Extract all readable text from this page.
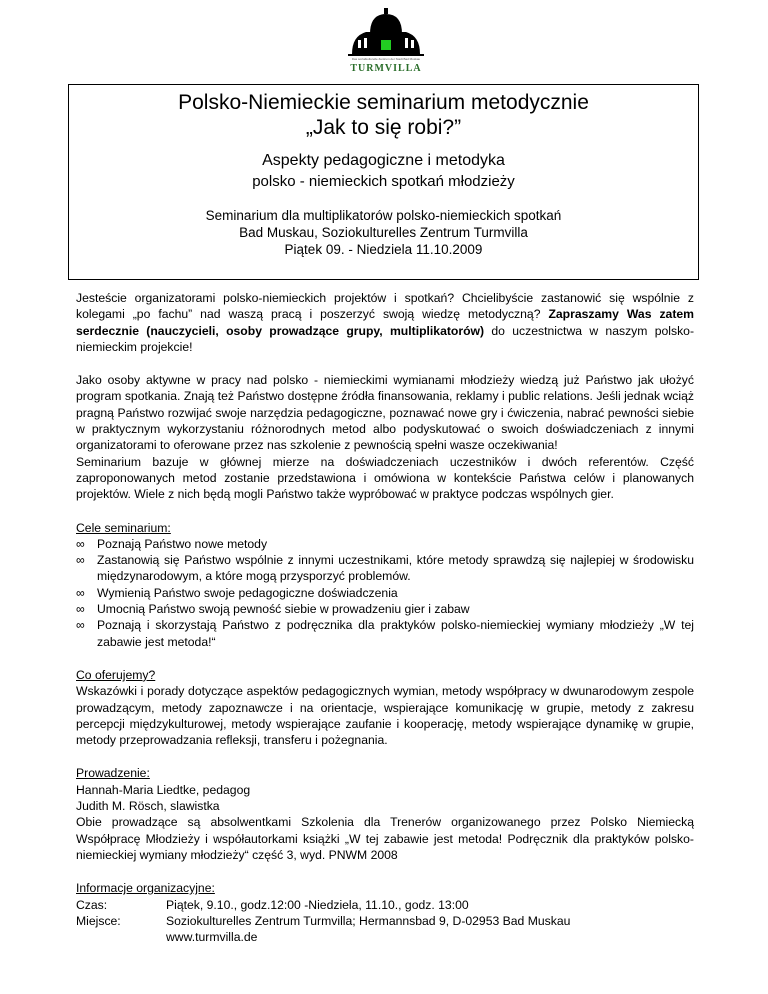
Das sozialkulturelle Zentrum der Stadt Bad Muskau
TURMVILLA
Polsko-Niemieckie seminarium metodycznie
„Jak to się robi?”
Aspekty pedagogiczne i metodyka
polsko - niemieckich spotkań młodzieży
Seminarium dla multiplikatorów polsko-niemieckich spotkań
Bad Muskau, Soziokulturelles Zentrum Turmvilla
Piątek 09. - Niedziela 11.10.2009

Jesteście organizatorami polsko-niemieckich projektów i spotkań? Chcielibyście zastanowić się wspólnie z kolegami „po fachu” nad waszą pracą i poszerzyć swoją wiedzę metodyczną? Zapraszamy Was zatem serdecznie (nauczycieli, osoby prowadzące grupy, multiplikatorów) do uczestnictwa w naszym polsko-niemieckim projekcie!

Jako osoby aktywne w pracy nad polsko - niemieckimi wymianami młodzieży wiedzą już Państwo jak ułożyć program spotkania. Znają też Państwo dostępne źródła finansowania, reklamy i public relations. Jeśli jednak wciąż pragną Państwo rozwijać swoje narzędzia pedagogiczne, poznawać nowe gry i ćwiczenia, nabrać pewności siebie w praktycznym wykorzystaniu różnorodnych metod albo podyskutować o swoich doświadczeniach z innymi organizatorami to oferowane przez nas szkolenie z pewnością spełni wasze oczekiwania!

Seminarium bazuje w głównej mierze na doświadczeniach uczestników i dwóch referentów. Część zaproponowanych metod zostanie przedstawiona i omówiona w kontekście Państwa celów i planowanych projektów. Wiele z nich będą mogli Państwo także wypróbować w praktyce podczas wspólnych gier.

Cele seminarium:
∞ Poznają Państwo nowe metody
∞ Zastanowią się Państwo wspólnie z innymi uczestnikami, które metody sprawdzą się najlepiej w środowisku międzynarodowym, a które mogą przysporzyć problemów.
∞ Wymienią Państwo swoje pedagogiczne doświadczenia
∞ Umocnią Państwo swoją pewność siebie w prowadzeniu gier i zabaw
∞ Poznają i skorzystają Państwo z podręcznika dla praktyków polsko-niemieckiej wymiany młodzieży „W tej zabawie jest metoda!“
Co oferujemy?

Wskazówki i porady dotyczące aspektów pedagogicznych wymian, metody współpracy w dwunarodowym zespole prowadzącym, metody zapoznawcze i na orientacje, wspierające komunikację w grupie, metody z zakresu percepcji międzykulturowej, metody wspierające zaufanie i kooperację, metody wspierające dynamikę w grupie, metody przeprowadzania refleksji, transferu i pożegnania.

Prowadzenie:
Hannah-Maria Liedtke, pedagog
Judith M. Rösch, slawistka

Obie prowadzące są absolwentkami Szkolenia dla Trenerów organizowanego przez Polsko Niemiecką Współpracę Młodzieży i współautorkami książki „W tej zabawie jest metoda! Podręcznik dla praktyków polsko-niemieckiej wymiany młodzieży“ część 3, wyd. PNWM 2008

Informacje organizacyjne:
Czas:	Piątek, 9.10., godz.12:00 -Niedziela, 11.10., godz. 13:00
Miejsce:	Soziokulturelles Zentrum Turmvilla; Hermannsbad 9, D-02953 Bad Muskau
www.turmvilla.de
